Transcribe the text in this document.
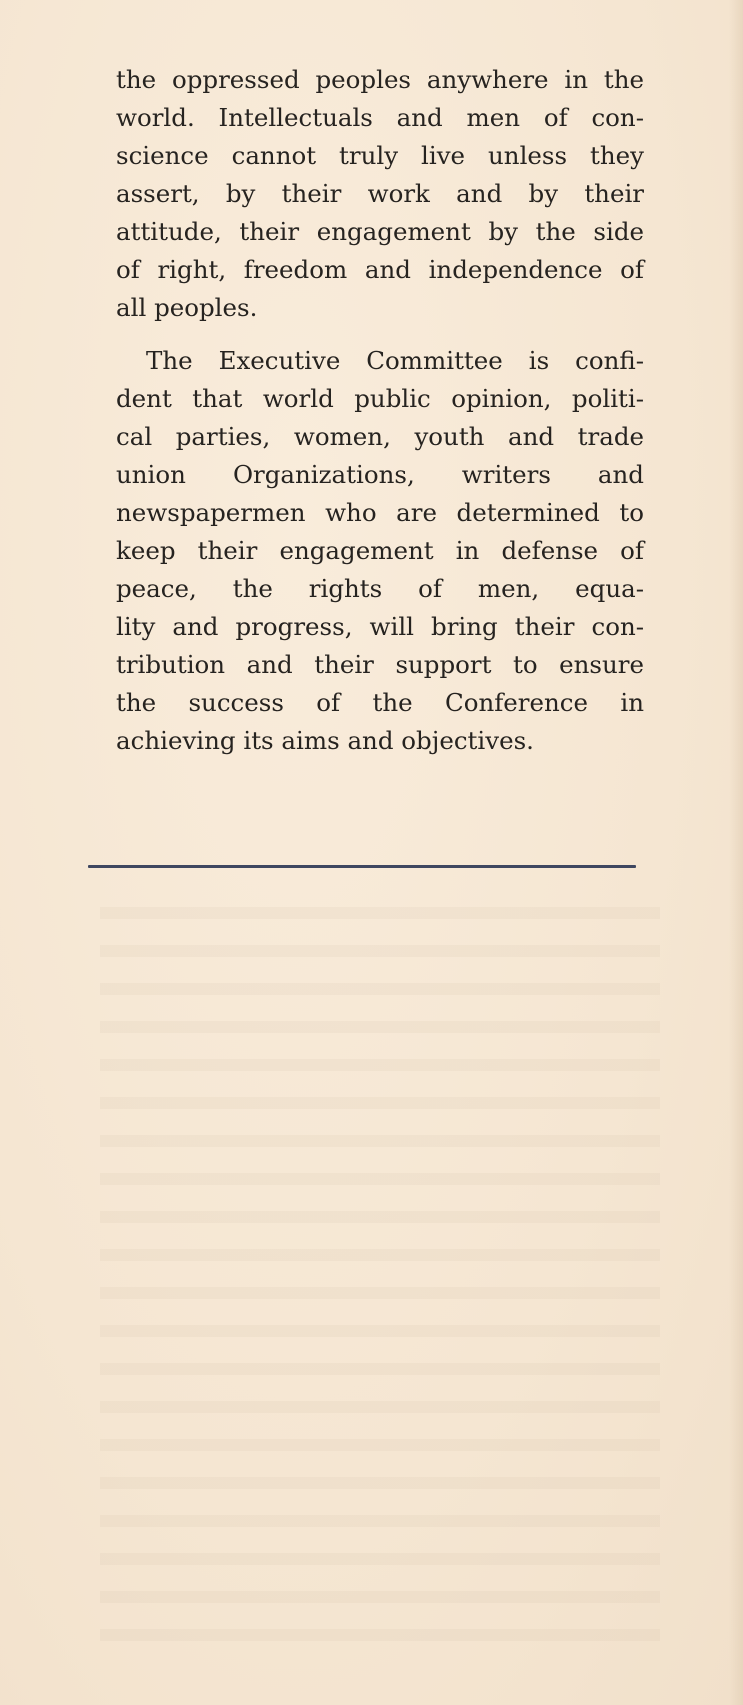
the oppressed peoples anywhere in the
world. Intellectuals and men of con-
science cannot truly live unless they
assert, by their work and by their
attitude, their engagement by the side
of right, freedom and independence of
all peoples.
The Executive Committee is confi-
dent that world public opinion, politi-
cal parties, women, youth and trade
union Organizations, writers and
newspapermen who are determined to
keep their engagement in defense of
peace, the rights of men, equa-
lity and progress, will bring their con-
tribution and their support to ensure
the success of the Conference in
achieving its aims and objectives.
